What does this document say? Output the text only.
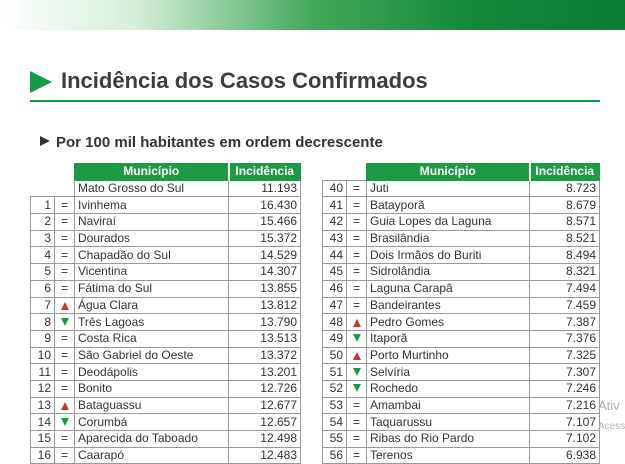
Incidência dos Casos Confirmados
Por 100 mil habitantes em ordem decrescente
		Município	Incidência
		Mato Grosso do Sul	11.193
1	=	Ivinhema	16.430
2	=	Naviraí	15.466
3	=	Dourados	15.372
4	=	Chapadão do Sul	14.529
5	=	Vicentina	14.307
6	=	Fátima do Sul	13.855
7		Água Clara	13.812
8		Três Lagoas	13.790
9	=	Costa Rica	13.513
10	=	São Gabriel do Oeste	13.372
11	=	Deodápolis	13.201
12	=	Bonito	12.726
13		Bataguassu	12.677
14		Corumbá	12.657
15	=	Aparecida do Taboado	12.498
16	=	Caarapó	12.483
		Município	Incidência
40	=	Juti	8.723
41	=	Batayporã	8.679
42	=	Guia Lopes da Laguna	8.571
43	=	Brasilândia	8.521
44	=	Dois Irmãos do Buriti	8.494
45	=	Sidrolândia	8.321
46	=	Laguna Carapã	7.494
47	=	Bandeirantes	7.459
48		Pedro Gomes	7.387
49		Itaporã	7.376
50		Porto Murtinho	7.325
51		Selvíria	7.307
52		Rochedo	7.246
53	=	Amambai	7.216
54	=	Taquarussu	7.107
55	=	Ribas do Rio Pardo	7.102
56	=	Terenos	6.938
Ativ
Acess
